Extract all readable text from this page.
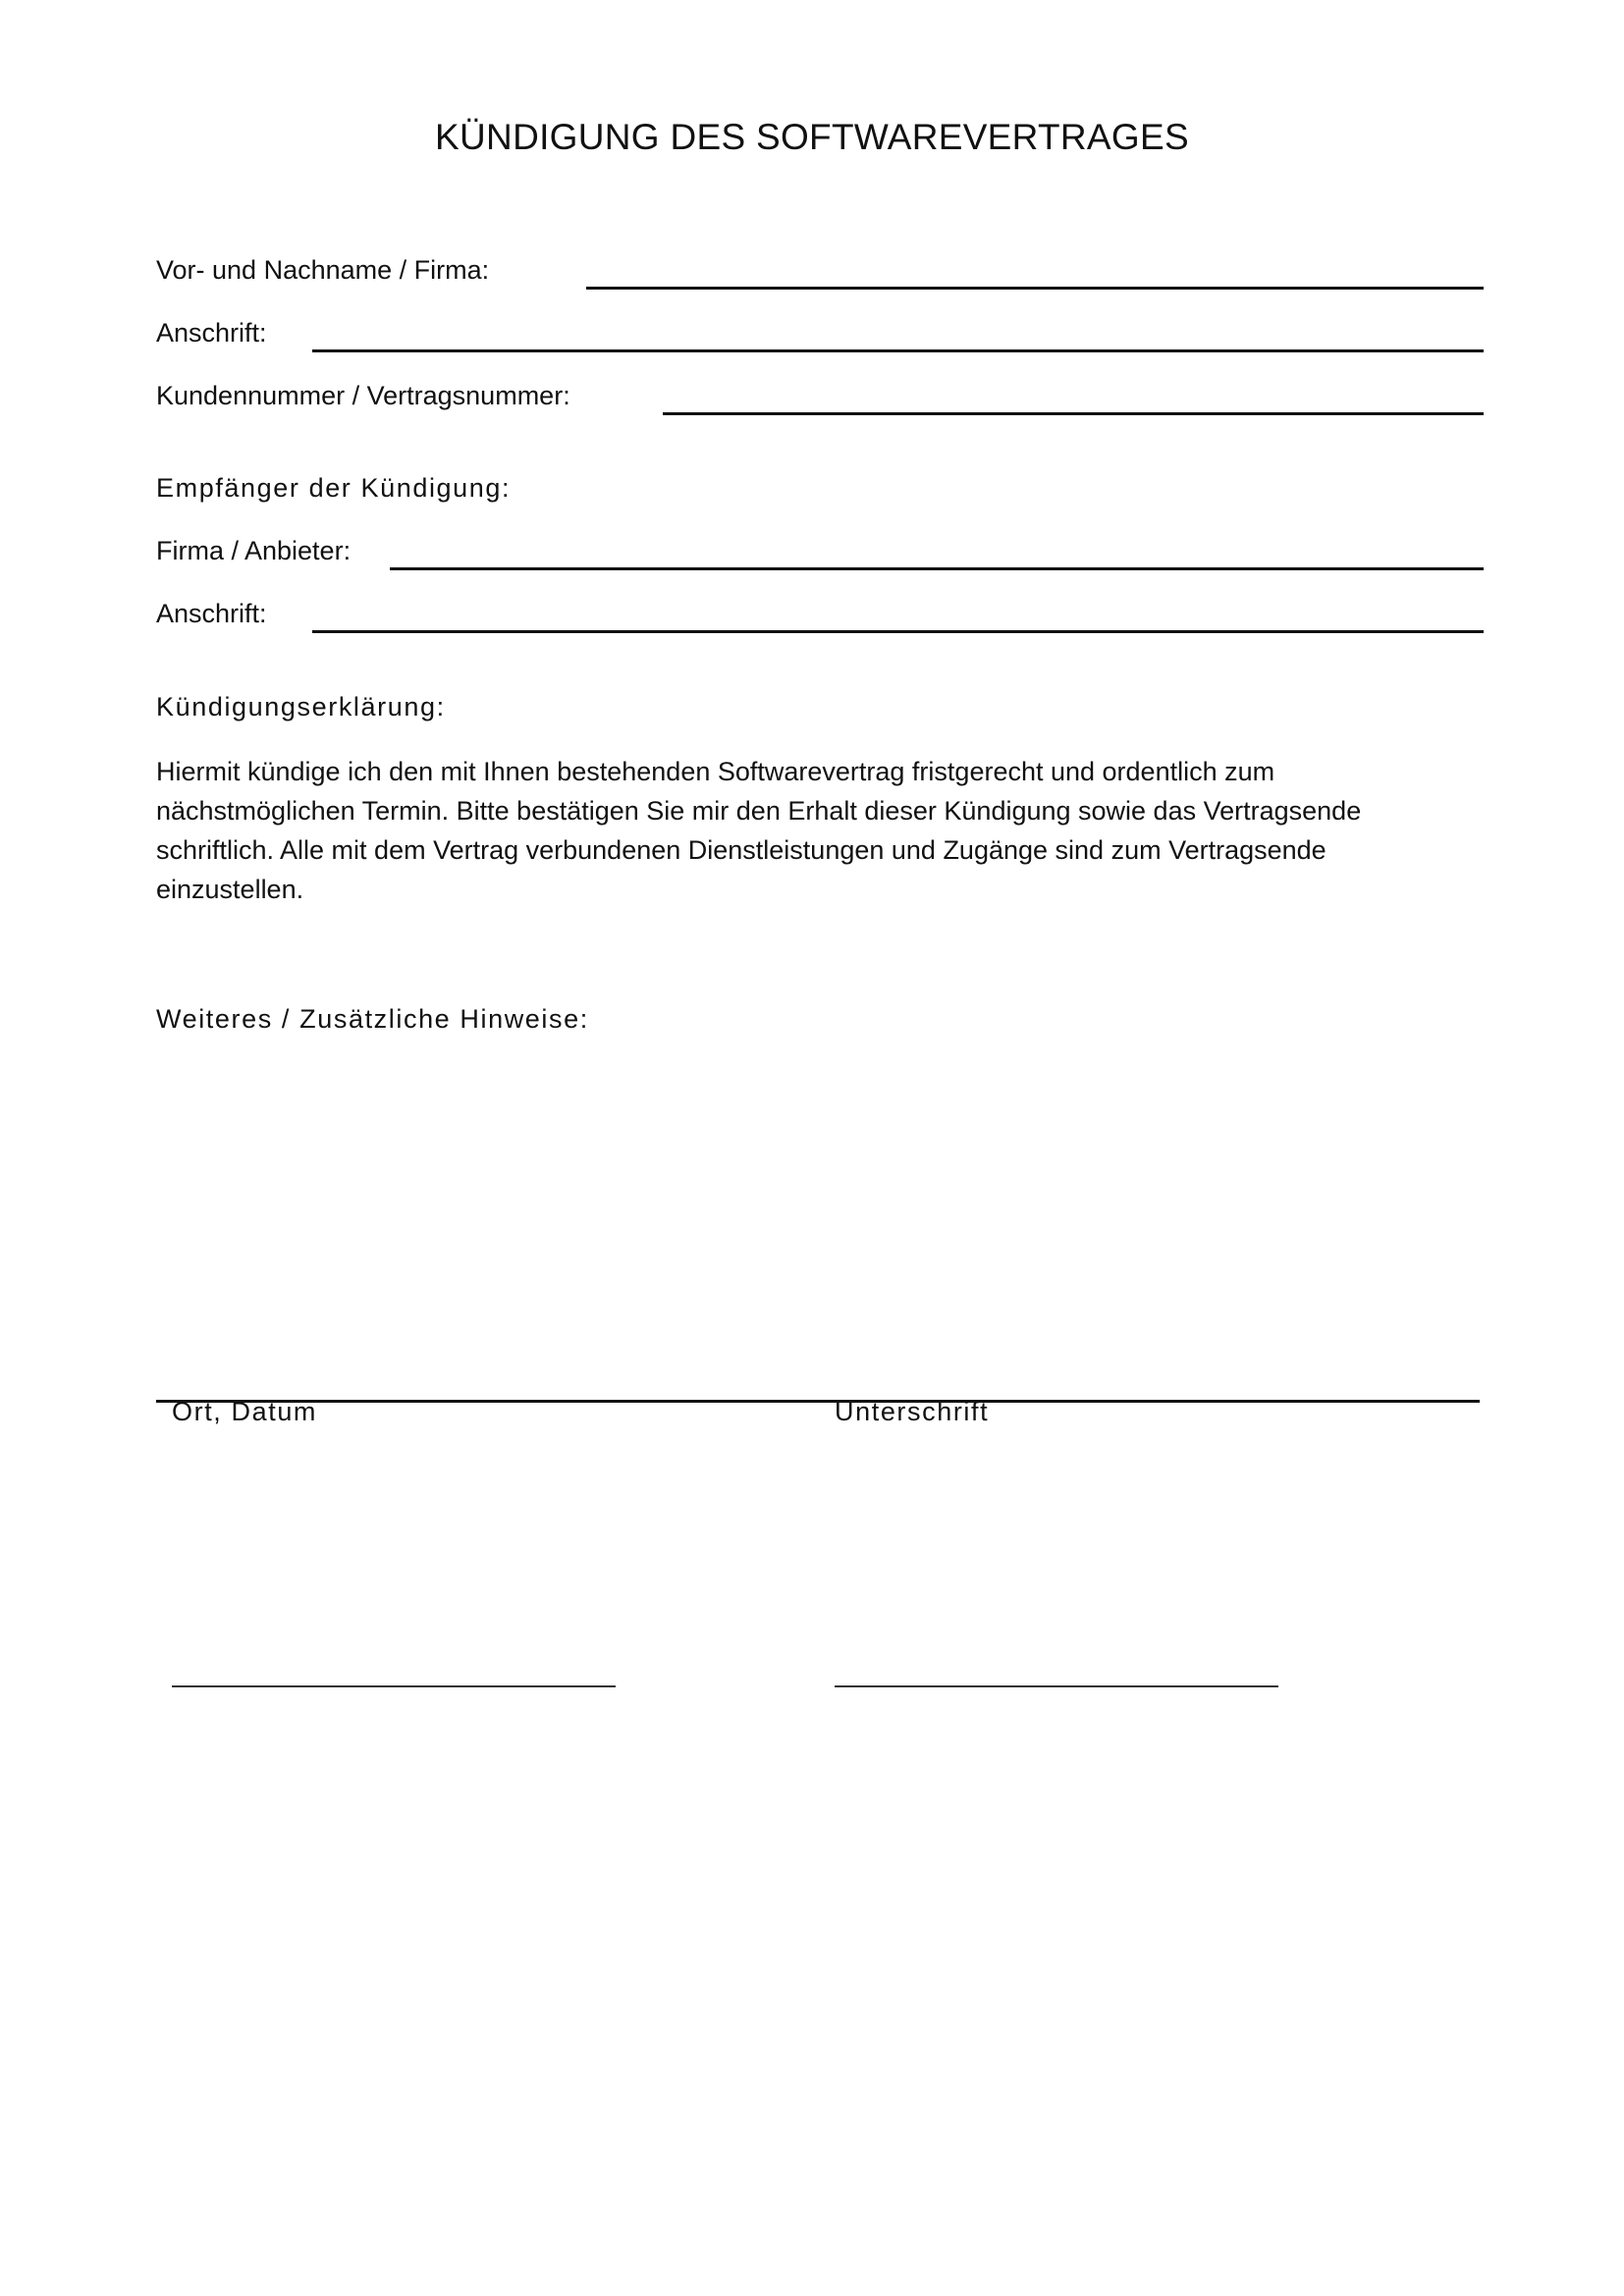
KÜNDIGUNG DES SOFTWAREVERTRAGES
Vor- und Nachname / Firma:
Anschrift:
Kundennummer / Vertragsnummer:
Empfänger der Kündigung:
Firma / Anbieter:
Anschrift:
Kündigungserklärung:

Hiermit kündige ich den mit Ihnen bestehenden Softwarevertrag fristgerecht und ordentlich zum nächstmöglichen Termin. Bitte bestätigen Sie mir den Erhalt dieser Kündigung sowie das Vertragsende schriftlich. Alle mit dem Vertrag verbundenen Dienstleistungen und Zugänge sind zum Vertragsende einzustellen.

Weiteres / Zusätzliche Hinweise:
Ort, Datum	Unterschrift
